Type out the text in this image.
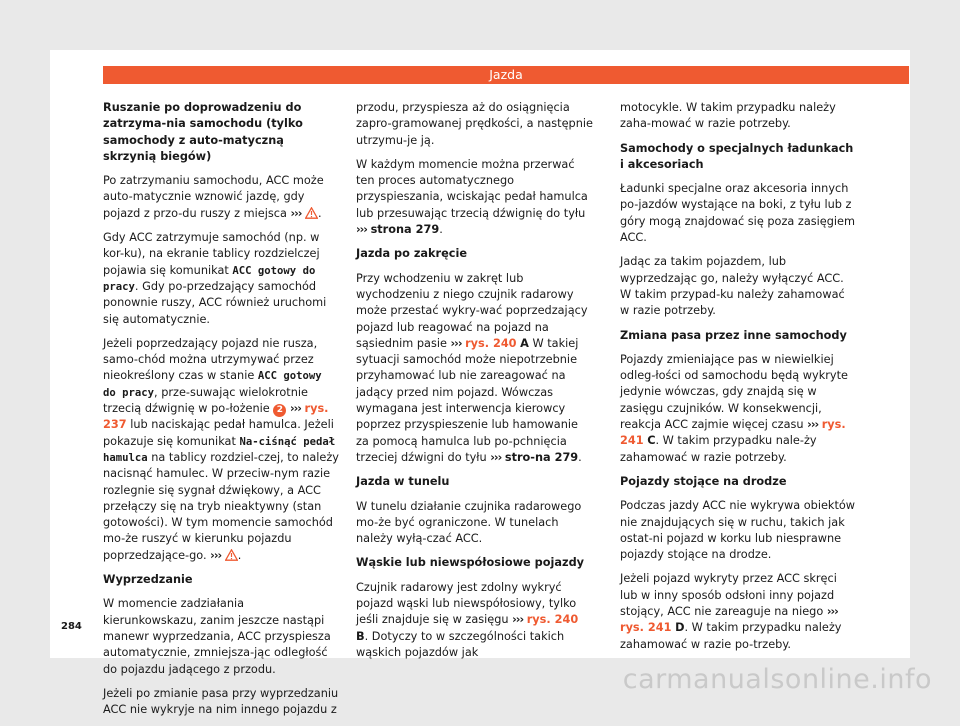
Jazda
Ruszanie po doprowadzeniu do zatrzyma-nia samochodu (tylko samochody z auto-matyczną skrzynią biegów)

Po zatrzymaniu samochodu, ACC może auto-matycznie wznowić jazdę, gdy pojazd z przo-du ruszy z miejsca ››› .

Gdy ACC zatrzymuje samochód (np. w kor-ku), na ekranie tablicy rozdzielczej pojawia się komunikat ACC gotowy do pracy. Gdy po-przedzający samochód ponownie ruszy, ACC również uruchomi się automatycznie.

Jeżeli poprzedzający pojazd nie rusza, samo-chód można utrzymywać przez nieokreślony czas w stanie ACC gotowy do pracy, prze-suwając wielokrotnie trzecią dźwignię w po-łożenie 2 ››› rys. 237 lub naciskając pedał hamulca. Jeżeli pokazuje się komunikat Na-ciśnąć pedał hamulca na tablicy rozdziel-czej, to należy nacisnąć hamulec. W przeciw-nym razie rozlegnie się sygnał dźwiękowy, a ACC przełączy się na tryb nieaktywny (stan gotowości). W tym momencie samochód mo-że ruszyć w kierunku pojazdu poprzedzające-go. ››› .

Wyprzedzanie

W momencie zadziałania kierunkowskazu, zanim jeszcze nastąpi manewr wyprzedzania, ACC przyspiesza automatycznie, zmniejsza-jąc odległość do pojazdu jadącego z przodu.

Jeżeli po zmianie pasa przy wyprzedzaniu ACC nie wykryje na nim innego pojazdu z

przodu, przyspiesza aż do osiągnięcia zapro-gramowanej prędkości, a następnie utrzymu-je ją.

W każdym momencie można przerwać ten proces automatycznego przyspieszania, wciskając pedał hamulca lub przesuwając trzecią dźwignię do tyłu ››› strona 279.

Jazda po zakręcie

Przy wchodzeniu w zakręt lub wychodzeniu z niego czujnik radarowy może przestać wykry-wać poprzedzający pojazd lub reagować na pojazd na sąsiednim pasie ››› rys. 240 A W takiej sytuacji samochód może niepotrzebnie przyhamować lub nie zareagować na jadący przed nim pojazd. Wówczas wymagana jest interwencja kierowcy poprzez przyspieszenie lub hamowanie za pomocą hamulca lub po-pchnięcia trzeciej dźwigni do tyłu ››› stro-na 279.

Jazda w tunelu

W tunelu działanie czujnika radarowego mo-że być ograniczone. W tunelach należy wyłą-czać ACC.

Wąskie lub niewspółosiowe pojazdy

Czujnik radarowy jest zdolny wykryć pojazd wąski lub niewspółosiowy, tylko jeśli znajduje się w zasięgu ››› rys. 240 B. Dotyczy to w szczególności takich wąskich pojazdów jak

motocykle. W takim przypadku należy zaha-mować w razie potrzeby.

Samochody o specjalnych ładunkach i akcesoriach

Ładunki specjalne oraz akcesoria innych po-jazdów wystające na boki, z tyłu lub z góry mogą znajdować się poza zasięgiem ACC.

Jadąc za takim pojazdem, lub wyprzedzając go, należy wyłączyć ACC. W takim przypad-ku należy zahamować w razie potrzeby.

Zmiana pasa przez inne samochody

Pojazdy zmieniające pas w niewielkiej odleg-łości od samochodu będą wykryte jedynie wówczas, gdy znajdą się w zasięgu czujników. W konsekwencji, reakcja ACC zajmie więcej czasu ››› rys. 241 C. W takim przypadku nale-ży zahamować w razie potrzeby.

Pojazdy stojące na drodze

Podczas jazdy ACC nie wykrywa obiektów nie znajdujących się w ruchu, takich jak ostat-ni pojazd w korku lub niesprawne pojazdy stojące na drodze.

Jeżeli pojazd wykryty przez ACC skręci lub w inny sposób odsłoni inny pojazd stojący, ACC nie zareaguje na niego ››› rys. 241 D. W takim przypadku należy zahamować w razie po-trzeby.

284
carmanualsonline.info
